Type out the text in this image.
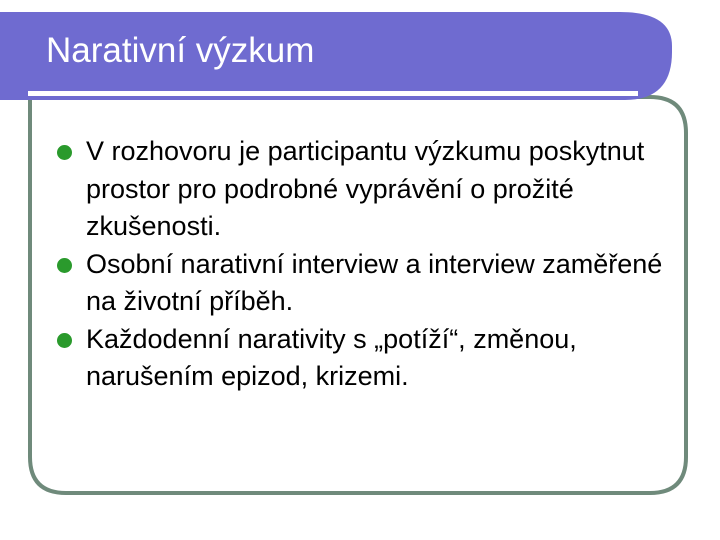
Narativní výzkum
V rozhovoru je participantu výzkumu poskytnut prostor pro podrobné vyprávění o prožité zkušenosti.
Osobní narativní interview a interview zaměřené na životní příběh.
Každodenní narativity s „potíží“, změnou, narušením epizod, krizemi.
